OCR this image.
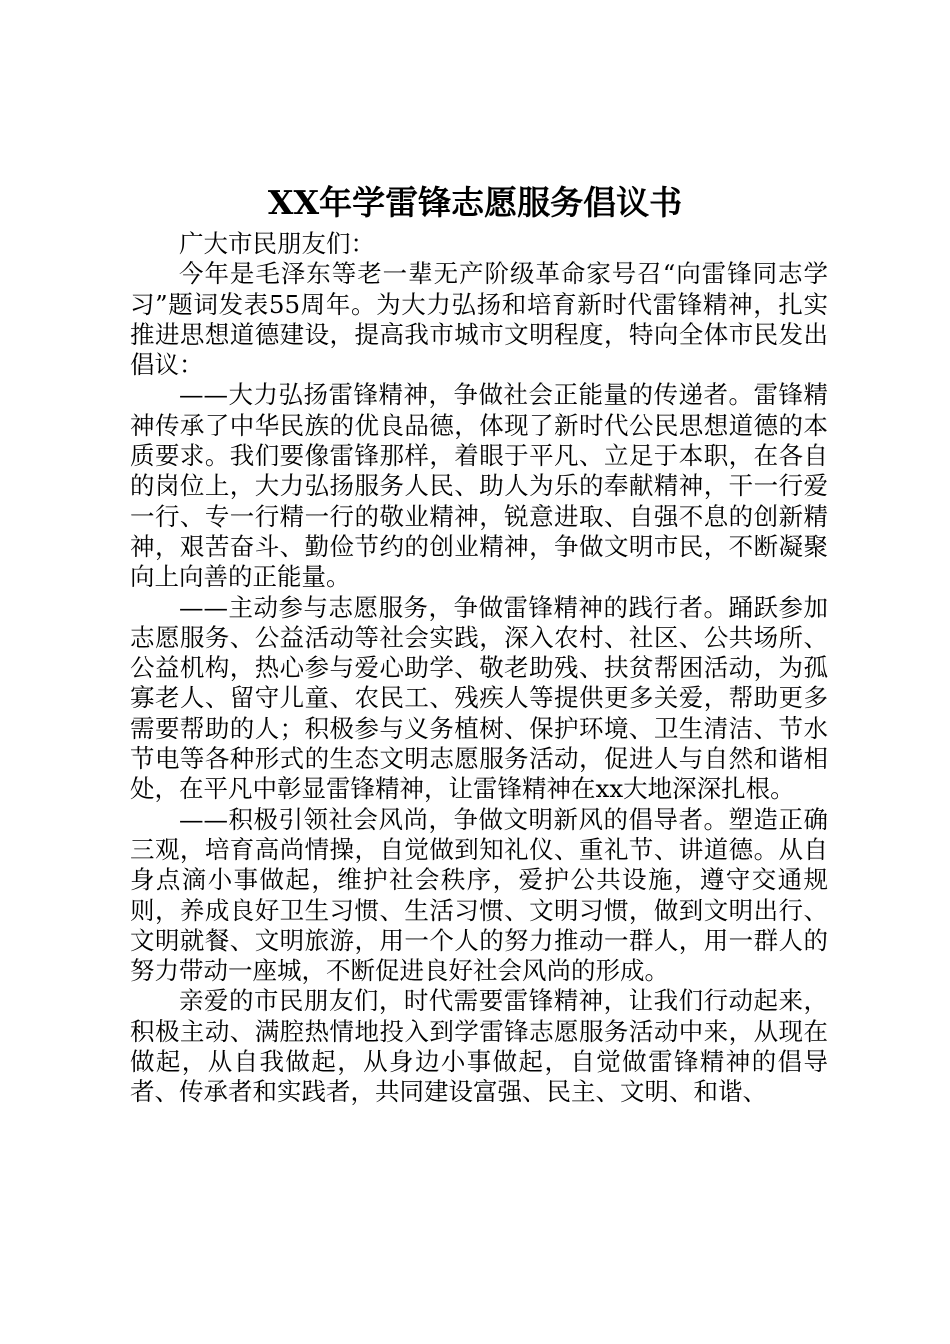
XX年学雷锋志愿服务倡议书

广大市民朋友们：

今年是毛泽东等老一辈无产阶级革命家号召“向雷锋同志学习”题词发表55周年。为大力弘扬和培育新时代雷锋精神，扎实推进思想道德建设，提高我市城市文明程度，特向全体市民发出倡议：

——大力弘扬雷锋精神，争做社会正能量的传递者。雷锋精神传承了中华民族的优良品德，体现了新时代公民思想道德的本质要求。我们要像雷锋那样，着眼于平凡、立足于本职，在各自的岗位上，大力弘扬服务人民、助人为乐的奉献精神，干一行爱一行、专一行精一行的敬业精神，锐意进取、自强不息的创新精神，艰苦奋斗、勤俭节约的创业精神，争做文明市民，不断凝聚向上向善的正能量。

——主动参与志愿服务，争做雷锋精神的践行者。踊跃参加志愿服务、公益活动等社会实践，深入农村、社区、公共场所、公益机构，热心参与爱心助学、敬老助残、扶贫帮困活动，为孤寡老人、留守儿童、农民工、残疾人等提供更多关爱，帮助更多需要帮助的人；积极参与义务植树、保护环境、卫生清洁、节水节电等各种形式的生态文明志愿服务活动，促进人与自然和谐相处，在平凡中彰显雷锋精神，让雷锋精神在xx大地深深扎根。

——积极引领社会风尚，争做文明新风的倡导者。塑造正确三观，培育高尚情操，自觉做到知礼仪、重礼节、讲道德。从自身点滴小事做起，维护社会秩序，爱护公共设施，遵守交通规则，养成良好卫生习惯、生活习惯、文明习惯，做到文明出行、文明就餐、文明旅游，用一个人的努力推动一群人，用一群人的努力带动一座城，不断促进良好社会风尚的形成。

亲爱的市民朋友们，时代需要雷锋精神，让我们行动起来，积极主动、满腔热情地投入到学雷锋志愿服务活动中来，从现在做起，从自我做起，从身边小事做起，自觉做雷锋精神的倡导者、传承者和实践者，共同建设富强、民主、文明、和谐、
